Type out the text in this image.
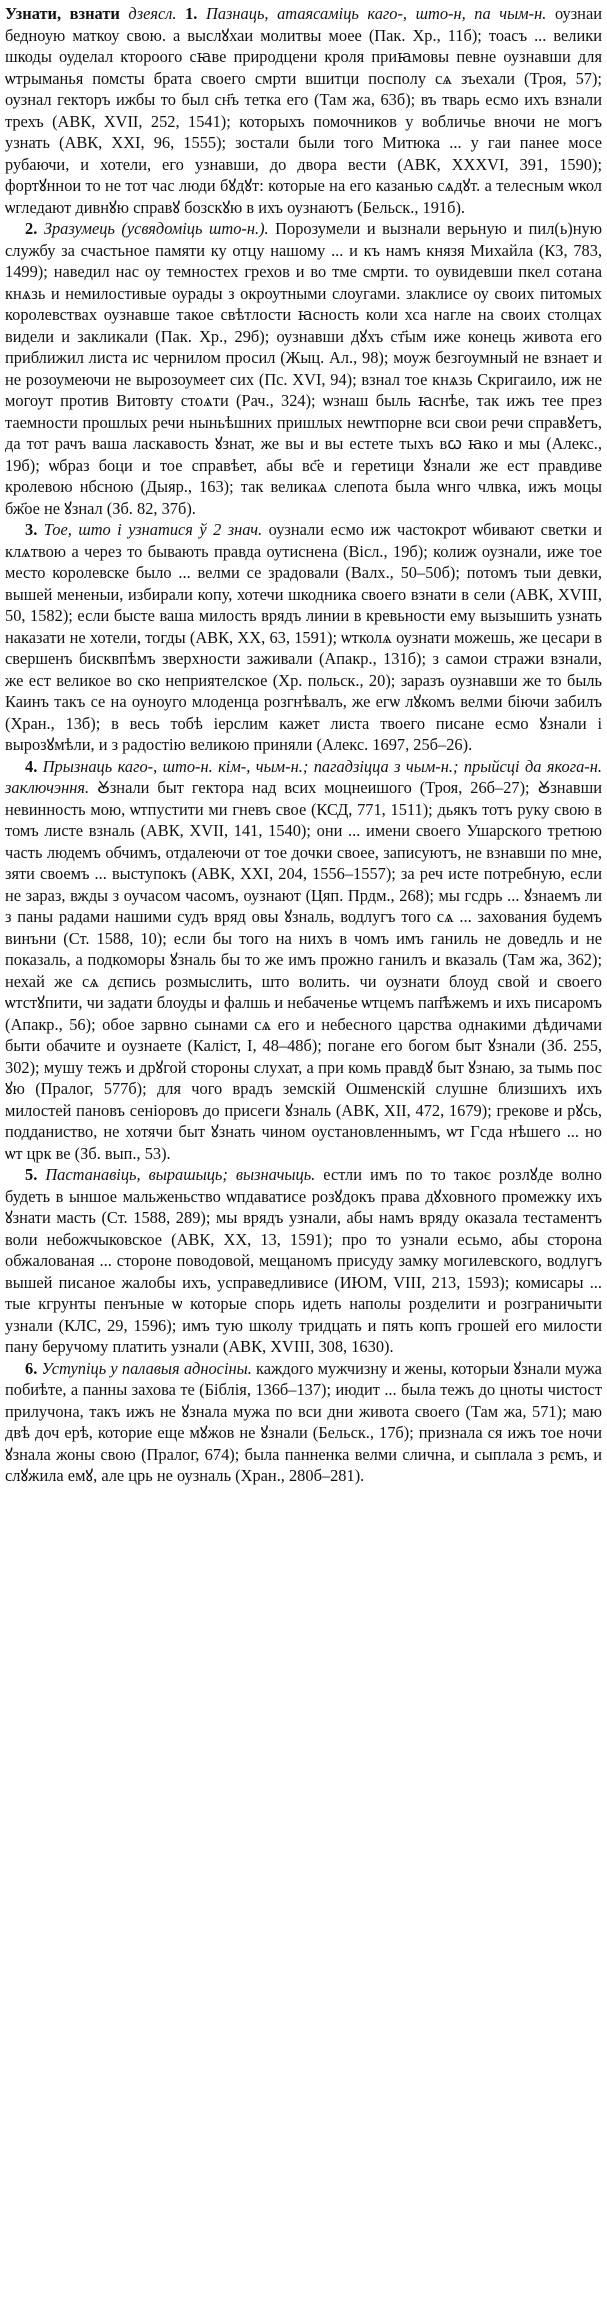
Узнати, взнати дзеясл. 1. Пазнаць, атаясаміць каго-, што-н, па чым-н. оузнаи бедноую маткоу свою. а выслꙋхаи молитвы моее (Пак. Хр., 11б); тоасъ ... велики шкоды оуделал ктороого сꙗве природцени кроля приꙗмовы певне оузнавши для ѡтрыманья помсты брата своего смрти вшитци посполу сѧ зъехали (Троя, 57); оузнал гекторъ ижбы то был сн҃ъ тетка его (Там жа, 63б); въ тварь есмо ихъ взнали трехъ (АВК, XVII, 252, 1541); которыхъ помочников у вобличье вночи не могъ узнать (АВК, XXI, 96, 1555); зостали были того Митюка ... у гаи панее мосе рубаючи, и хотели, его узнавши, до двора вести (АВК, XXXVI, 391, 1590); фортꙋннои то не тот час люди бꙋдꙋт: которые на его казанью сѧдꙋт. а телесным ѡкол ѡгледают дивнꙋю справꙋ бозскꙋю в ихъ оузнаютъ (Бельск., 191б).

2. Зразумець (усвядоміць што-н.). Порозумели и вызнали верьную и пил(ь)ную службу за счастьное памяти ку отцу нашому ... и къ намъ князя Михайла (КЗ, 783, 1499); наведил нас оу темностех грехов и во тме смрти. то оувидевши пкел сотана кнѧзь и немилостивые оурады з окроутными слоугами. злаклисе оу своих питомых королевствах оузнавше такое свѣтлости ꙗсность коли хса нагле на своих столцах видели и закликали (Пак. Хр., 29б); оузнавши дꙋхъ ст҃ым иже конець живота его приближил листа ис чернилом просил (Жыц. Ал., 98); моуж безгоумный не взнает и не розоумеючи не вырозоумеет сих (Пс. XVI, 94); взнал тое кнѧзь Скригаило, иж не могоут против Витовту стоѧти (Рач., 324); ѡзнаш быль ꙗснѣе, так ижъ тее през таемности прошлых речи ныньѣшних пришлых неѡтпорне вси свои речи справꙋетъ, да тот рачъ ваша ласкавость ꙋзнат, же вы и вы естете тыхъ вꙍ ꙗко и мы (Алекс., 19б); ѡбраз боци и тое справѣет, абы вс҃е и геретици ꙋзнали же ест правдиве кролевою нбсною (Дыяр., 163); так великаѧ слепота была ѡнго члвка, ижъ моцы бж҃ое не ꙋзнал (Зб. 82, 37б).

3. Тое, што і узнатися ў 2 знач. оузнали есмо иж частокрот ѡбивают светки и клѧтвою а через то бывають правда оутиснена (Вісл., 19б); колиж оузнали, иже тое место королевске было ... велми се зрадовали (Валх., 50–50б); потомъ тыи девки, вышей мененыи, избирали копу, хотечи шкодника своего взнати в сели (АВК, XVIII, 50, 1582); если бысте ваша милость врядъ линии в кревьности ему вызышить узнать наказати не хотели, тогды (АВК, XX, 63, 1591); ѡтколѧ оузнати можешь, же цесари в свершенъ бисквпѣмъ зверхности заживали (Апакр., 131б); з самои стражи взнали, же ест великое во ско неприятелское (Хр. польск., 20); заразъ оузнавши же то быль Каинъ такъ се на оуноуго млоденца розгнѣвалъ, же егѡ лꙋкомъ велми біючи забилъ (Хран., 13б); в весь тобѣ іерслим кажет листа твоего писане есмо ꙋзнали і вырозꙋмѣли, и з радостію великою приняли (Алекс. 1697, 25б–26).

4. Прызнаць каго-, што-н. кім-, чым-н.; пагадзіцца з чым-н.; прыйсці да якога-н. заключэння. Ꙋзнали быт гектора над всих моцнеишого (Троя, 26б–27); Ꙋзнавши невинность мою, ѡтпустити ми гневъ свое (КСД, 771, 1511); дьякъ тотъ руку свою в томъ листе взналь (АВК, XVII, 141, 1540); они ... имени своего Ушарского третюю часть людемъ обчимъ, отдалеючи от тое дочки своее, записуютъ, не взнавши по мне, зяти своемъ ... выступокъ (АВК, XXI, 204, 1556–1557); за реч исте потребную, если не зараз, вжды з оучасом часомъ, оузнают (Цяп. Прдм., 268); мы гсдрь ... ꙋзнаемъ ли з паны радами нашими судъ вряд овы ꙋзналь, водлугъ того сѧ ... захования будемъ винъни (Ст. 1588, 10); если бы того на нихъ в чомъ имъ ганиль не доведль и не показаль, а подкоморы ꙋзналь бы то же имъ прожно ганилъ и вказаль (Там жа, 362); нехай же сѧ дєпись розмыслить, што волить. чи оузнати блоуд свой и своего ѡтстꙋпити, чи задати блоуды и фалшь и небаченье ѡтцемъ пап҃ѣжемъ и ихъ писаромъ (Апакр., 56); обое зарвно сынами сѧ его и небесного царства однакими дѣдичами быти обачите и оузнаете (Каліст, I, 48–48б); погане его богом быт ꙋзнали (Зб. 255, 302); мушу тежъ и дрꙋгой стороны слухат, а при комь правдꙋ быт ꙋзнаю, за тымь пос ꙋю (Пралог, 577б); для чого врадъ земскій Ошменскій слушне близшихъ ихъ милостей пановъ сеніоровъ до присеги ꙋзналь (АВК, XII, 472, 1679); грекове и рꙋсь, подданиство, не хотячи быт ꙋзнать чином оустановленнымъ, ѡт Гсда нѣшего ... но ѡт црк ве (Зб. вып., 53).

5. Пастанавіць, вырашыць; вызначыць. естли имъ по то такоє розлꙋде волно будеть в ыншое мальженьство ѡпдаватисе розꙋдокъ права дꙋховного промежку ихъ ꙋзнати масть (Ст. 1588, 289); мы врядъ узнали, абы намъ вряду оказала тестаментъ воли небожчыковское (АВК, XX, 13, 1591); про то узнали есьмо, абы сторона обжалованая ... стороне поводовой, мещаномъ присуду замку могилевского, водлугъ вышей писаное жалобы ихъ, усправедливисе (ИЮМ, VIII, 213, 1593); комисары ... тые кгрунты пенъные ѡ которые спорь идеть наполы розделити и розграничыти узнали (КЛС, 29, 1596); имъ тую школу тридцать и пять копъ грошей его милости пану беручому платить узнали (АВК, XVIII, 308, 1630).

6. Уступіць у палавыя адносіны. каждого мужчизну и жены, которыи ꙋзнали мужа побиѣте, а панны захова те (Біблія, 136б–137); июдит ... была тежъ до цноты чистост прилучона, такъ ижъ не ꙋзнала мужа по вси дни живота своего (Там жа, 571); маю двѣ доч ерѣ, которие еще мꙋжов не ꙋзнали (Бельск., 17б); признала ся ижъ тое ночи ꙋзнала жоны свою (Пралог, 674); была панненка велми слична, и сыплала з рємъ, и слꙋжила емꙋ, але црь не оузналь (Хран., 280б–281).
